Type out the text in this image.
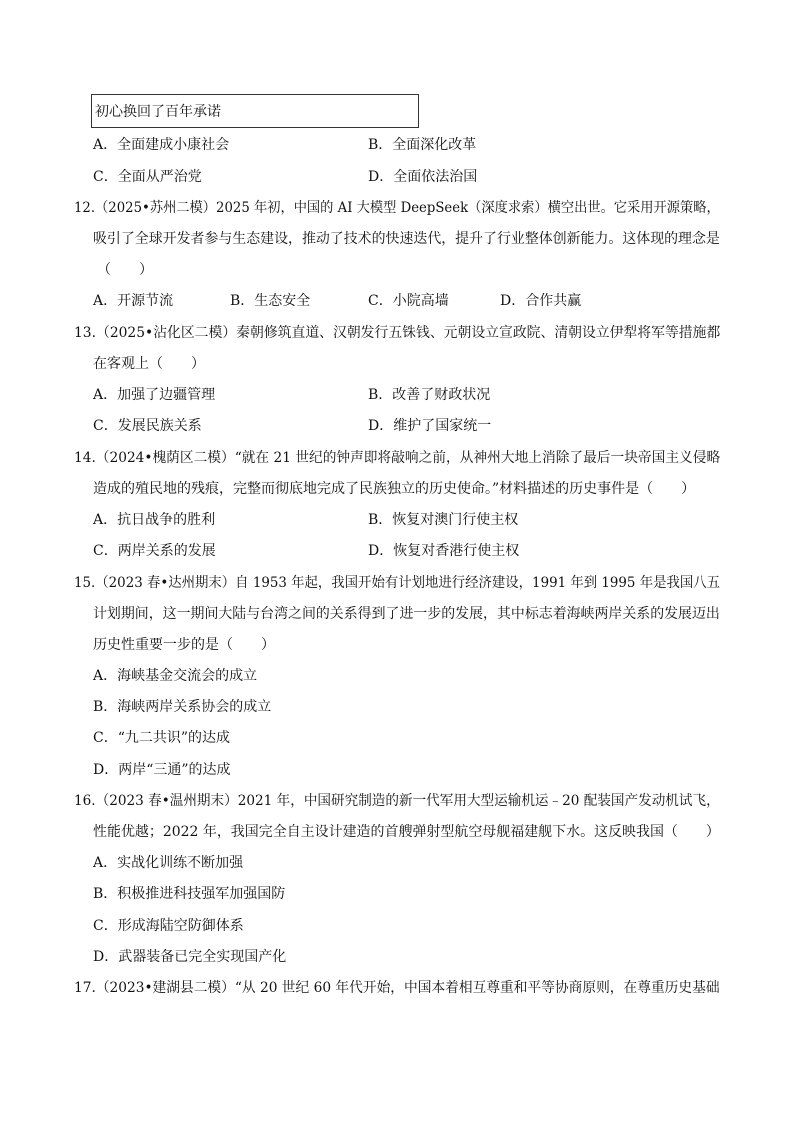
初心换回了百年承诺
A．全面建成小康社会	B．全面深化改革
C．全面从严治党	D．全面依法治国
12.（2025•苏州二模）2025 年初，中国的 AI 大模型 DeepSeek（深度求索）横空出世。它采用开源策略，
吸引了全球开发者参与生态建设，推动了技术的快速迭代，提升了行业整体创新能力。这体现的理念是
（　　）
A．开源节流	B．生态安全	C．小院高墙	D．合作共赢
13.（2025•沾化区二模）秦朝修筑直道、汉朝发行五铢钱、元朝设立宣政院、清朝设立伊犁将军等措施都
在客观上（　　）
A．加强了边疆管理	B．改善了财政状况
C．发展民族关系	D．维护了国家统一
14.（2024•槐荫区二模）“就在 21 世纪的钟声即将敲响之前，从神州大地上消除了最后一块帝国主义侵略
造成的殖民地的残痕，完整而彻底地完成了民族独立的历史使命。”材料描述的历史事件是（　　）
A．抗日战争的胜利	B．恢复对澳门行使主权
C．两岸关系的发展	D．恢复对香港行使主权
15.（2023 春•达州期末）自 1953 年起，我国开始有计划地进行经济建设，1991 年到 1995 年是我国八五
计划期间，这一期间大陆与台湾之间的关系得到了进一步的发展，其中标志着海峡两岸关系的发展迈出
历史性重要一步的是（　　）
A．海峡基金交流会的成立
B．海峡两岸关系协会的成立
C．“九二共识”的达成
D．两岸“三通”的达成
16.（2023 春•温州期末）2021 年，中国研究制造的新一代军用大型运输机运﹣20 配装国产发动机试飞，
性能优越；2022 年，我国完全自主设计建造的首艘弹射型航空母舰福建舰下水。这反映我国（　　）
A．实战化训练不断加强
B．积极推进科技强军加强国防
C．形成海陆空防御体系
D．武器装备已完全实现国产化
17.（2023•建湖县二模）“从 20 世纪 60 年代开始，中国本着相互尊重和平等协商原则，在尊重历史基础
